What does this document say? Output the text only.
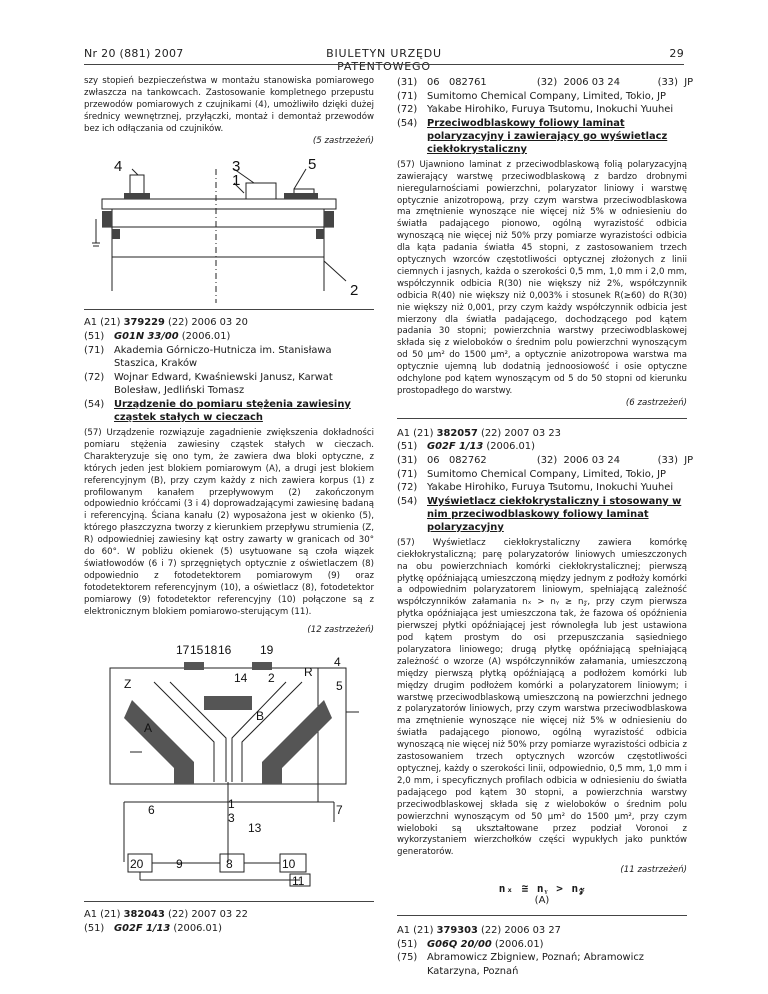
Nr 20 (881) 2007	BIULETYN URZĘDU PATENTOWEGO
29
szy stopień bezpieczeństwa w montażu stanowiska pomiarowego zwłaszcza na tankowcach. Zastosowanie kompletnego przepustu przewodów pomiarowych z czujnikami (4), umożliwiło dzięki dużej średnicy wewnętrznej, przyłączki, montaż i demontaż przewodów bez ich odłączania od czujników.
(5 zastrzeżeń)
4	3	5
1
2
A1 (21) 379229 (22) 2006 03 20
(51) G01N 33/00 (2006.01)
(71) Akademia Górniczo-Hutnicza im. Stanisława Staszica, Kraków
(72) Wojnar Edward, Kwaśniewski Janusz, Karwat Bolesław, Jedliński Tomasz
(54) Urządzenie do pomiaru stężenia zawiesiny cząstek stałych w cieczach
(57) Urządzenie rozwiązuje zagadnienie zwiększenia dokładności pomiaru stężenia zawiesiny cząstek stałych w cieczach. Charakteryzuje się ono tym, że zawiera dwa bloki optyczne, z których jeden jest blokiem pomiarowym (A), a drugi jest blokiem referencyjnym (B), przy czym każdy z nich zawiera korpus (1) z profilowanym kanałem przepływowym (2) zakończonym odpowiednio króćcami (3 i 4) doprowadzającymi zawiesinę badaną i referencyjną. Ściana kanału (2) wyposażona jest w okienko (5), którego płaszczyzna tworzy z kierunkiem przepływu strumienia (Z, R) odpowiedniej zawiesiny kąt ostry zawarty w granicach od 30° do 60°. W pobliżu okienek (5) usytuowane są czoła wiązek światłowodów (6 i 7) sprzęgniętych optycznie z oświetlaczem (8) odpowiednio z fotodetektorem pomiarowym (9) oraz fotodetektorem referencyjnym (10), a oświetlacz (8), fotodetektor pomiarowy (9) fotodetektor referencyjny (10) połączone są z elektronicznym blokiem pomiarowo-sterującym (11).
(12 zastrzeżeń)
17 15 18 16 19
4
Z	14 2 R
5
A
B
1
3
7
6
13
20	9	8	10
11
A1 (21) 382043 (22) 2007 03 22
(51) G02F 1/13 (2006.01)
(31) 06   082761                (32)  2006 03 24            (33)  JP
(71) Sumitomo Chemical Company, Limited, Tokio, JP
(72) Yakabe Hirohiko, Furuya Tsutomu, Inokuchi Yuuhei
(54) Przeciwodblaskowy foliowy laminat polaryzacyjny i zawierający go wyświetlacz ciekłokrystaliczny
(57) Ujawniono laminat z przeciwodblaskową folią polaryzacyjną zawierający warstwę przeciwodblaskową z bardzo drobnymi nieregularnościami powierzchni, polaryzator liniowy i warstwę optycznie anizotropową, przy czym warstwa przeciwodblaskowa ma zmętnienie wynoszące nie więcej niż 5% w odniesieniu do światła padającego pionowo, ogólną wyrazistość odbicia wynoszącą nie więcej niż 50% przy pomiarze wyrazistości odbicia dla kąta padania światła 45 stopni, z zastosowaniem trzech optycznych wzorców częstotliwości optycznej złożonych z linii ciemnych i jasnych, każda o szerokości 0,5 mm, 1,0 mm i 2,0 mm, współczynnik odbicia R(30) nie większy niż 2%, współczynnik odbicia R(40) nie większy niż 0,003% i stosunek R(≥60) do R(30) nie większy niż 0,001, przy czym każdy współczynnik odbicia jest mierzony dla światła padającego, dochodzącego pod kątem padania 30 stopni; powierzchnia warstwy przeciwodblaskowej składa się z wieloboków o średnim polu powierzchni wynoszącym od 50 µm² do 1500 µm², a optycznie anizotropowa warstwa ma optycznie ujemną lub dodatnią jednoosiowość i osie optyczne odchylone pod kątem wynoszącym od 5 do 50 stopni od kierunku prostopadłego do warstwy.
(6 zastrzeżeń)
A1 (21) 382057 (22) 2007 03 23
(51) G02F 1/13 (2006.01)
(31) 06   082762                (32)  2006 03 24            (33)  JP
(71) Sumitomo Chemical Company, Limited, Tokio, JP
(72) Yakabe Hirohiko, Furuya Tsutomu, Inokuchi Yuuhei
(54) Wyświetlacz ciekłokrystaliczny i stosowany w nim przeciwodblaskowy foliowy laminat polaryzacyjny
(57) Wyświetlacz ciekłokrystaliczny zawiera komórkę ciekłokrystaliczną; parę polaryzatorów liniowych umieszczonych na obu powierzchniach komórki ciekłokrystalicznej; pierwszą płytkę opóźniającą umieszczoną między jednym z podłoży komórki a odpowiednim polaryzatorem liniowym, spełniającą zależność współczynników załamania nₓ > nᵧ ≥ n𝓏, przy czym pierwsza płytka opóźniająca jest umieszczona tak, że fazowa oś opóźnienia pierwszej płytki opóźniającej jest równoległa lub jest ustawiona pod kątem prostym do osi przepuszczania sąsiedniego polaryzatora liniowego; drugą płytkę opóźniającą spełniającą zależność o wzorze (A) współczynników załamania, umieszczoną między pierwszą płytką opóźniającą a podłożem komórki lub między drugim podłożem komórki a polaryzatorem liniowym; i warstwę przeciwodblaskową umieszczoną na powierzchni jednego z polaryzatorów liniowych, przy czym warstwa przeciwodblaskowa ma zmętnienie wynoszące nie więcej niż 5% w odniesieniu do światła padającego pionowo, ogólną wyrazistość odbicia wynoszącą nie więcej niż 50% przy pomiarze wyrazistości odbicia z zastosowaniem trzech optycznych wzorców częstotliwości optycznej, każdy o szerokości linii, odpowiednio, 0,5 mm, 1,0 mm i 2,0 mm, i specyficznych profilach odbicia w odniesieniu do światła padającego pod kątem 30 stopni, a powierzchnia warstwy przeciwodblaskowej składa się z wieloboków o średnim polu powierzchni wynoszącym od 50 µm² do 1500 µm², przy czym wieloboki są ukształtowane przez podział Voronoi z wykorzystaniem wierzchołków części wypukłych jako punktów generatorów.
(11 zastrzeżeń)
nₓ ≅ nᵧ > n𝓏
(A)
A1 (21) 379303 (22) 2006 03 27
(51) G06Q 20/00 (2006.01)
(75) Abramowicz Zbigniew, Poznań; Abramowicz Katarzyna, Poznań
